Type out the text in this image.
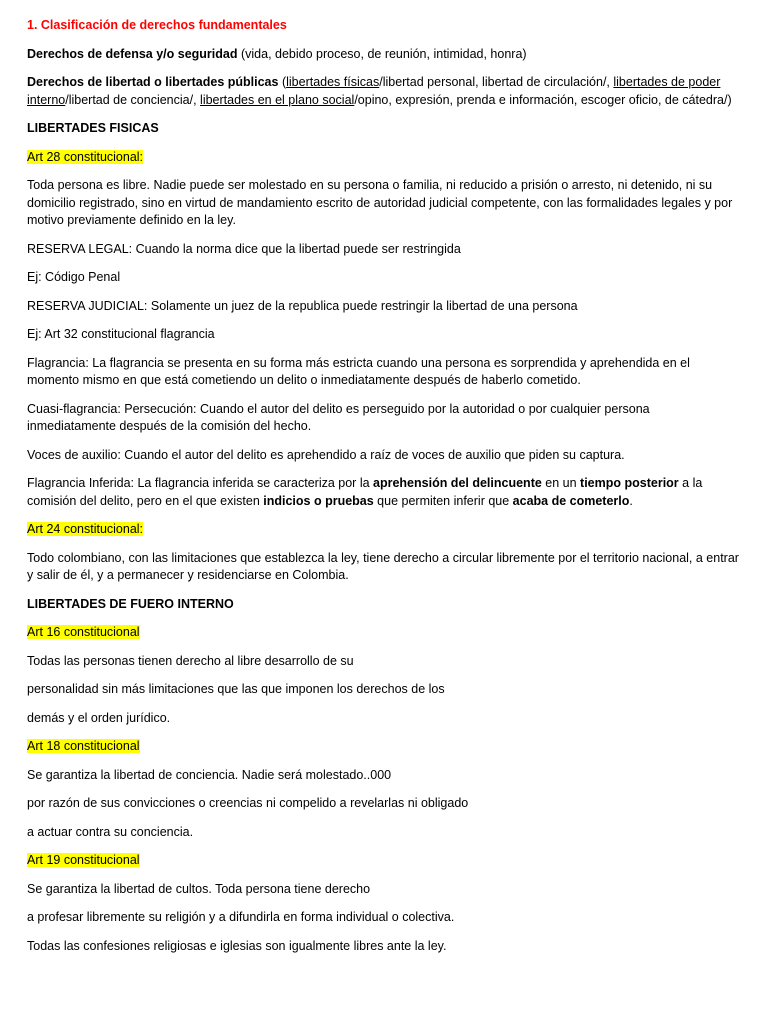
1. Clasificación de derechos fundamentales

Derechos de defensa y/o seguridad (vida, debido proceso, de reunión, intimidad, honra)

Derechos de libertad o libertades públicas (libertades físicas/libertad personal, libertad de circulación/, libertades de poder interno/libertad de conciencia/, libertades en el plano social/opino, expresión, prenda e información, escoger oficio, de cátedra/)

LIBERTADES FISICAS

Art 28 constitucional:

Toda persona es libre. Nadie puede ser molestado en su persona o familia, ni reducido a prisión o arresto, ni detenido, ni su domicilio registrado, sino en virtud de mandamiento escrito de autoridad judicial competente, con las formalidades legales y por motivo previamente definido en la ley.

RESERVA LEGAL: Cuando la norma dice que la libertad puede ser restringida

Ej: Código Penal

RESERVA JUDICIAL: Solamente un juez de la republica puede restringir la libertad de una persona

Ej: Art 32 constitucional flagrancia

Flagrancia: La flagrancia se presenta en su forma más estricta cuando una persona es sorprendida y aprehendida en el momento mismo en que está cometiendo un delito o inmediatamente después de haberlo cometido.

Cuasi-flagrancia: Persecución: Cuando el autor del delito es perseguido por la autoridad o por cualquier persona inmediatamente después de la comisión del hecho.

Voces de auxilio: Cuando el autor del delito es aprehendido a raíz de voces de auxilio que piden su captura.

Flagrancia Inferida: La flagrancia inferida se caracteriza por la aprehensión del delincuente en un tiempo posterior a la comisión del delito, pero en el que existen indicios o pruebas que permiten inferir que acaba de cometerlo.

Art 24 constitucional:

Todo colombiano, con las limitaciones que establezca la ley, tiene derecho a circular libremente por el territorio nacional, a entrar y salir de él, y a permanecer y residenciarse en Colombia.

LIBERTADES DE FUERO INTERNO

Art 16 constitucional

Todas las personas tienen derecho al libre desarrollo de su

personalidad sin más limitaciones que las que imponen los derechos de los

demás y el orden jurídico.

Art 18 constitucional

Se garantiza la libertad de conciencia. Nadie será molestado..000

por razón de sus convicciones o creencias ni compelido a revelarlas ni obligado

a actuar contra su conciencia.

Art 19 constitucional

Se garantiza la libertad de cultos. Toda persona tiene derecho

a profesar libremente su religión y a difundirla en forma individual o colectiva.

Todas las confesiones religiosas e iglesias son igualmente libres ante la ley.
